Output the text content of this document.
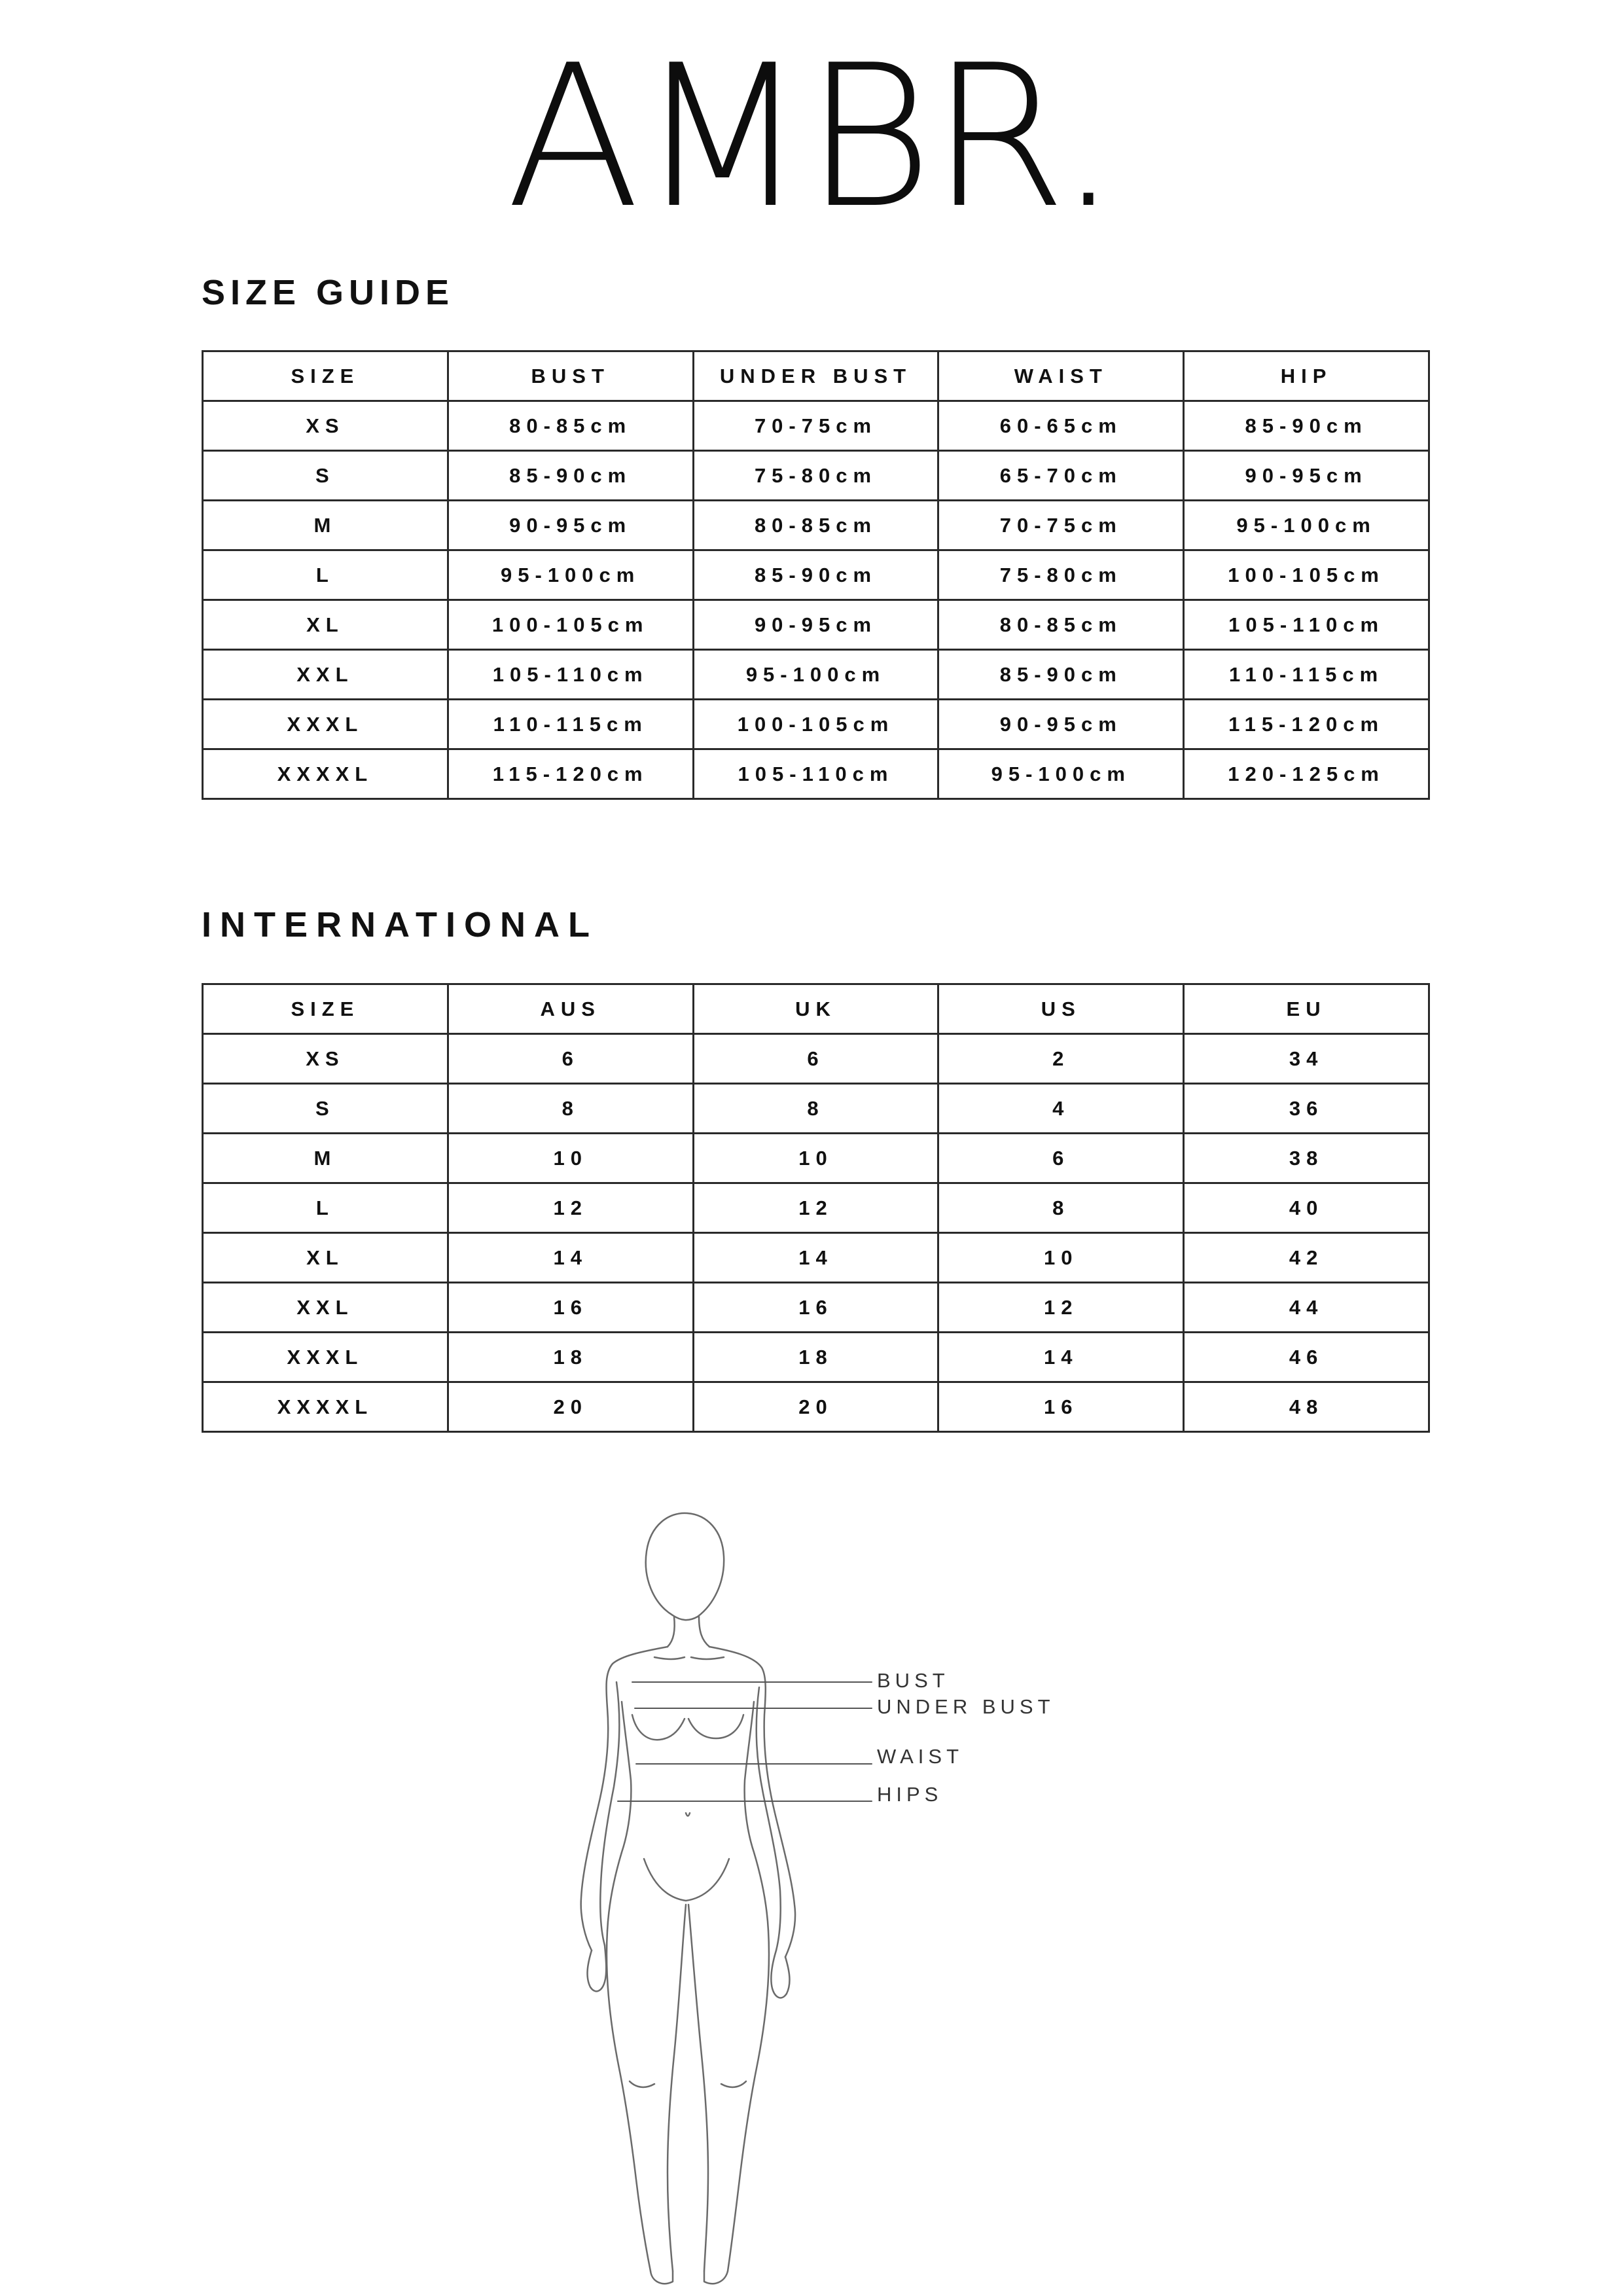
AMBR.
SIZE GUIDE
SIZE	BUST	UNDER BUST	WAIST	HIP
XS	80-85cm	70-75cm	60-65cm	85-90cm
S	85-90cm	75-80cm	65-70cm	90-95cm
M	90-95cm	80-85cm	70-75cm	95-100cm
L	95-100cm	85-90cm	75-80cm	100-105cm
XL	100-105cm	90-95cm	80-85cm	105-110cm
XXL	105-110cm	95-100cm	85-90cm	110-115cm
XXXL	110-115cm	100-105cm	90-95cm	115-120cm
XXXXL	115-120cm	105-110cm	95-100cm	120-125cm
INTERNATIONAL
SIZE	AUS	UK	US	EU
XS	6	6	2	34
S	8	8	4	36
M	10	10	6	38
L	12	12	8	40
XL	14	14	10	42
XXL	16	16	12	44
XXXL	18	18	14	46
XXXXL	20	20	16	48
BUST
UNDER BUST
WAIST
HIPS
